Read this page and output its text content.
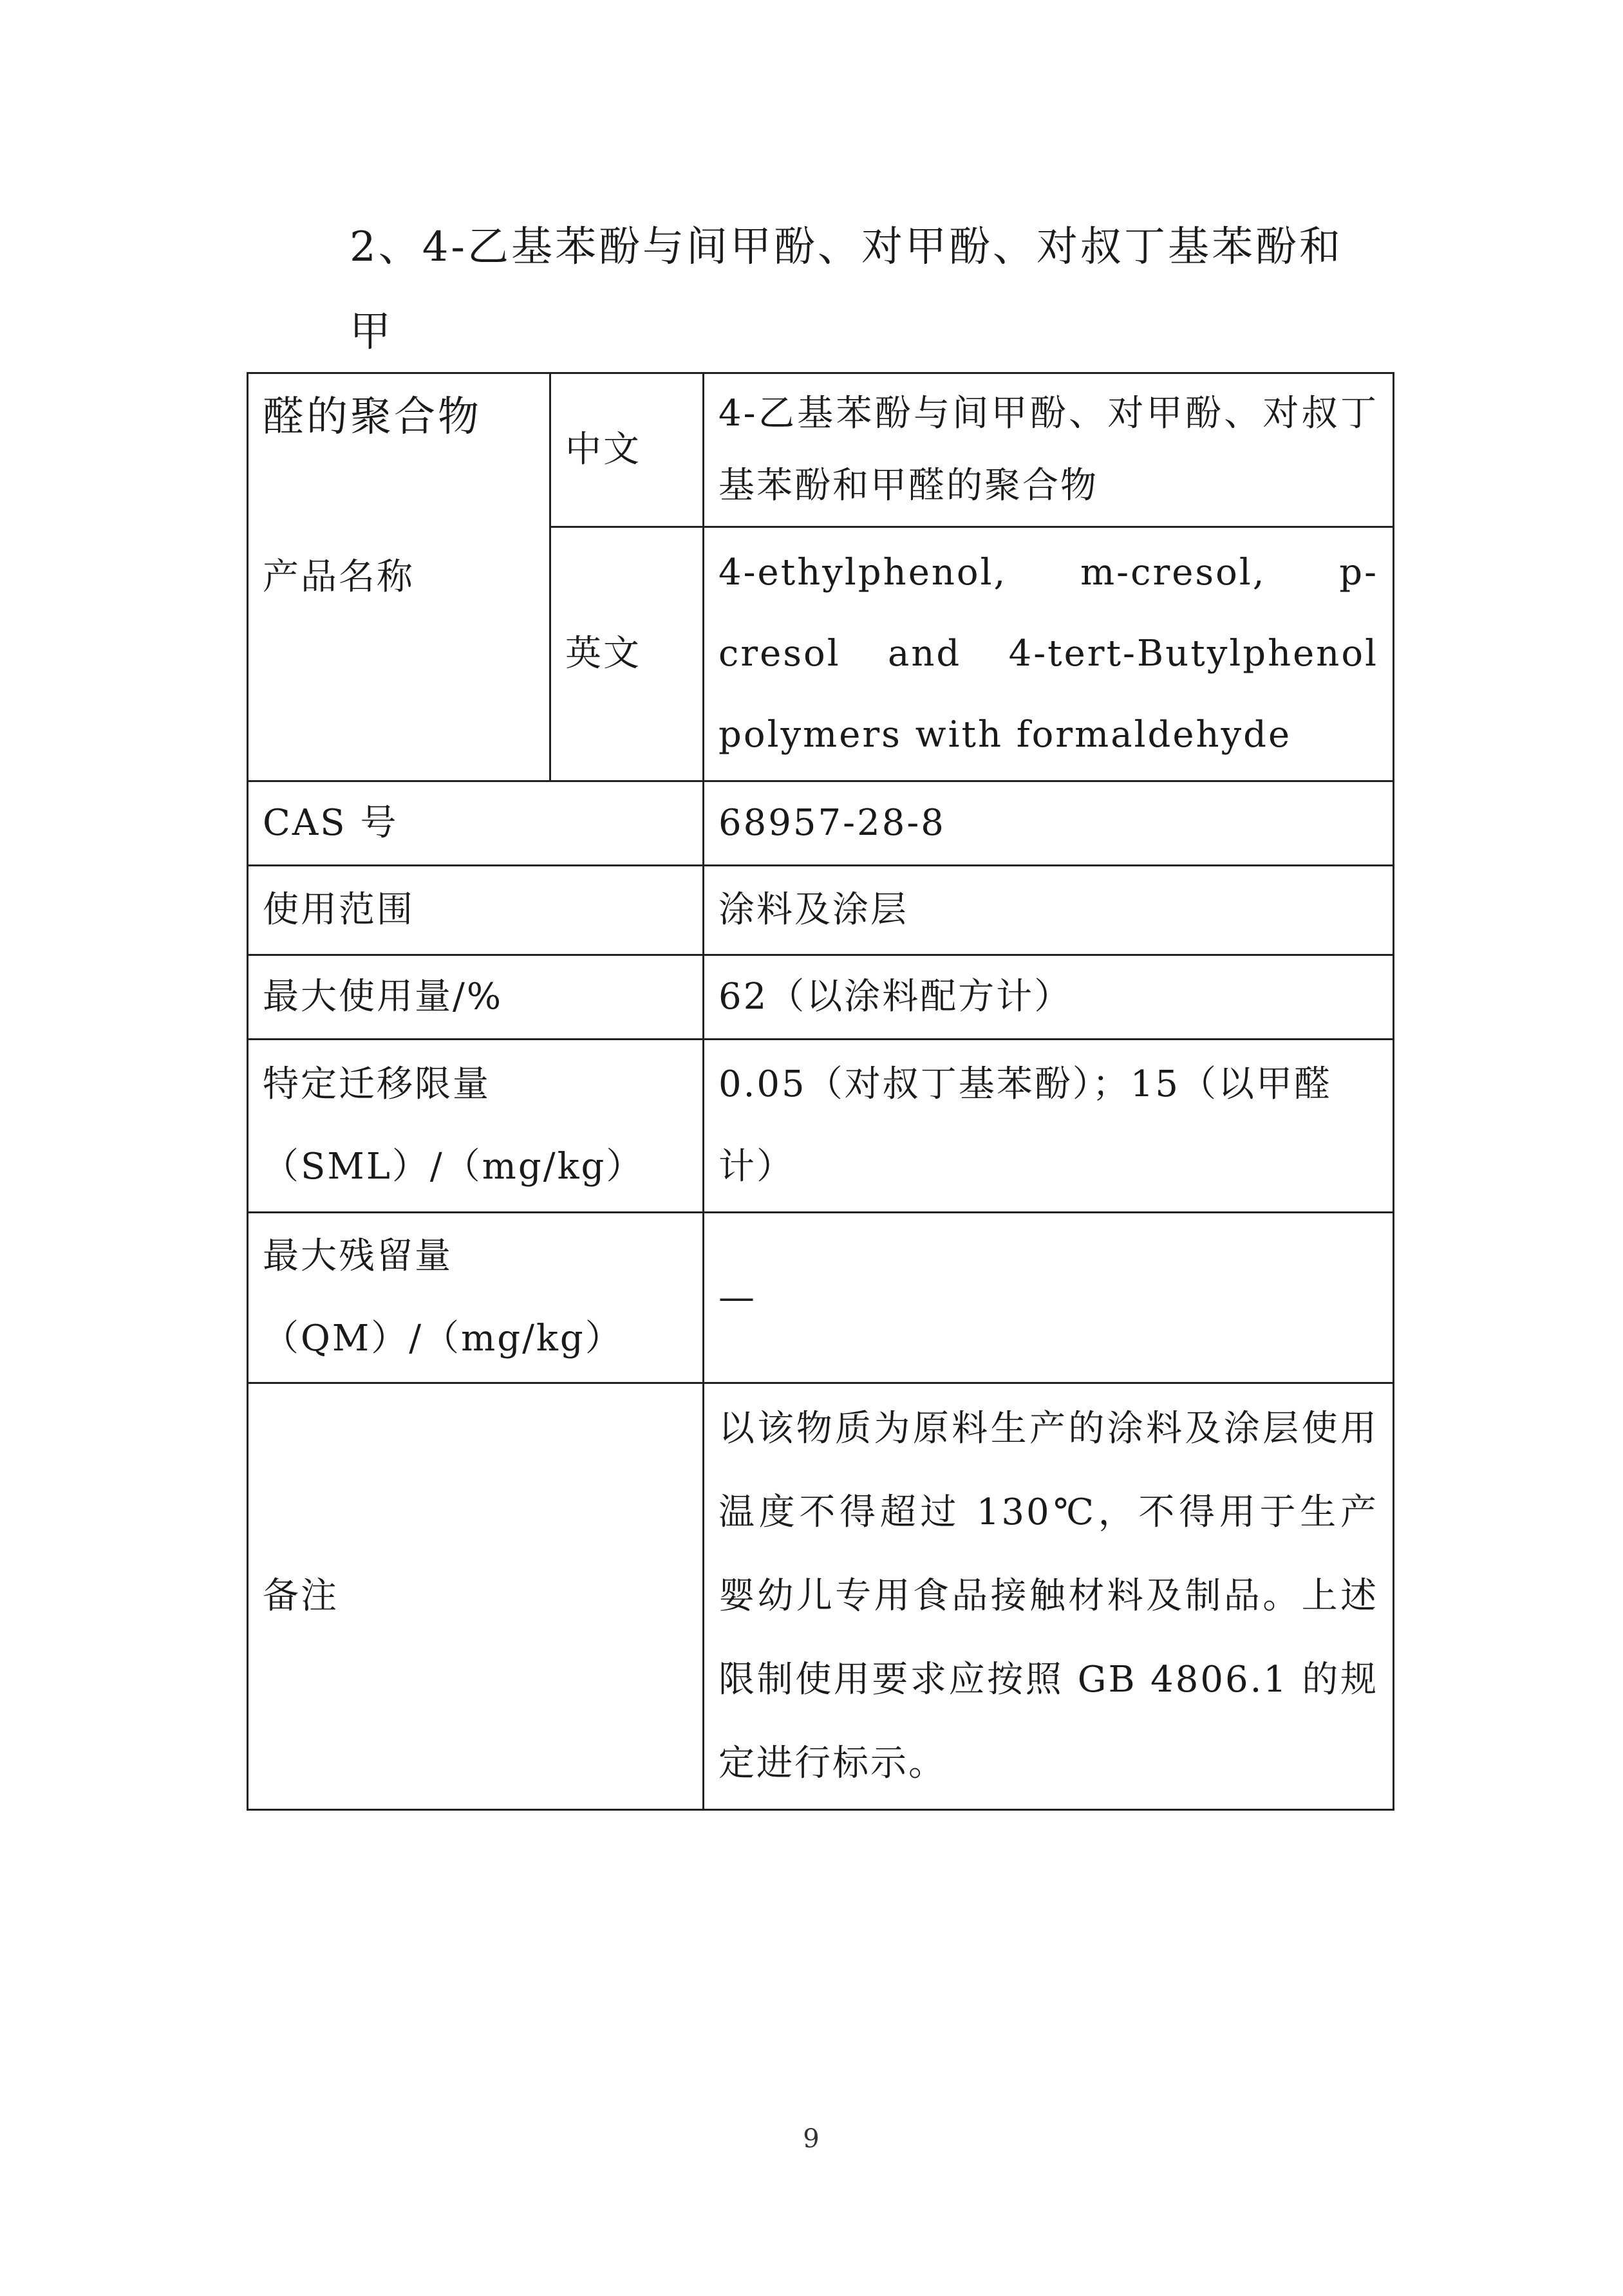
2、4-乙基苯酚与间甲酚、对甲酚、对叔丁基苯酚和甲
醛的聚合物
产品名称	中文	4-乙基苯酚与间甲酚、对甲酚、对叔丁基苯酚和甲醛的聚合物
	英文	4-ethylphenol, m-cresol, p-cresol and 4-tert-Butylphenol polymers with formaldehyde
CAS 号		68957-28-8
使用范围		涂料及涂层
最大使用量/%		62（以涂料配方计）

特定迁移限量
（SML）/（mg/kg）		0.05（对叔丁基苯酚）；15（以甲醛计）

最大残留量
（QM）/（mg/kg）		—
备注		以该物质为原料生产的涂料及涂层使用温度不得超过 130℃，不得用于生产婴幼儿专用食品接触材料及制品。上述限制使用要求应按照 GB 4806.1 的规定进行标示。
9
